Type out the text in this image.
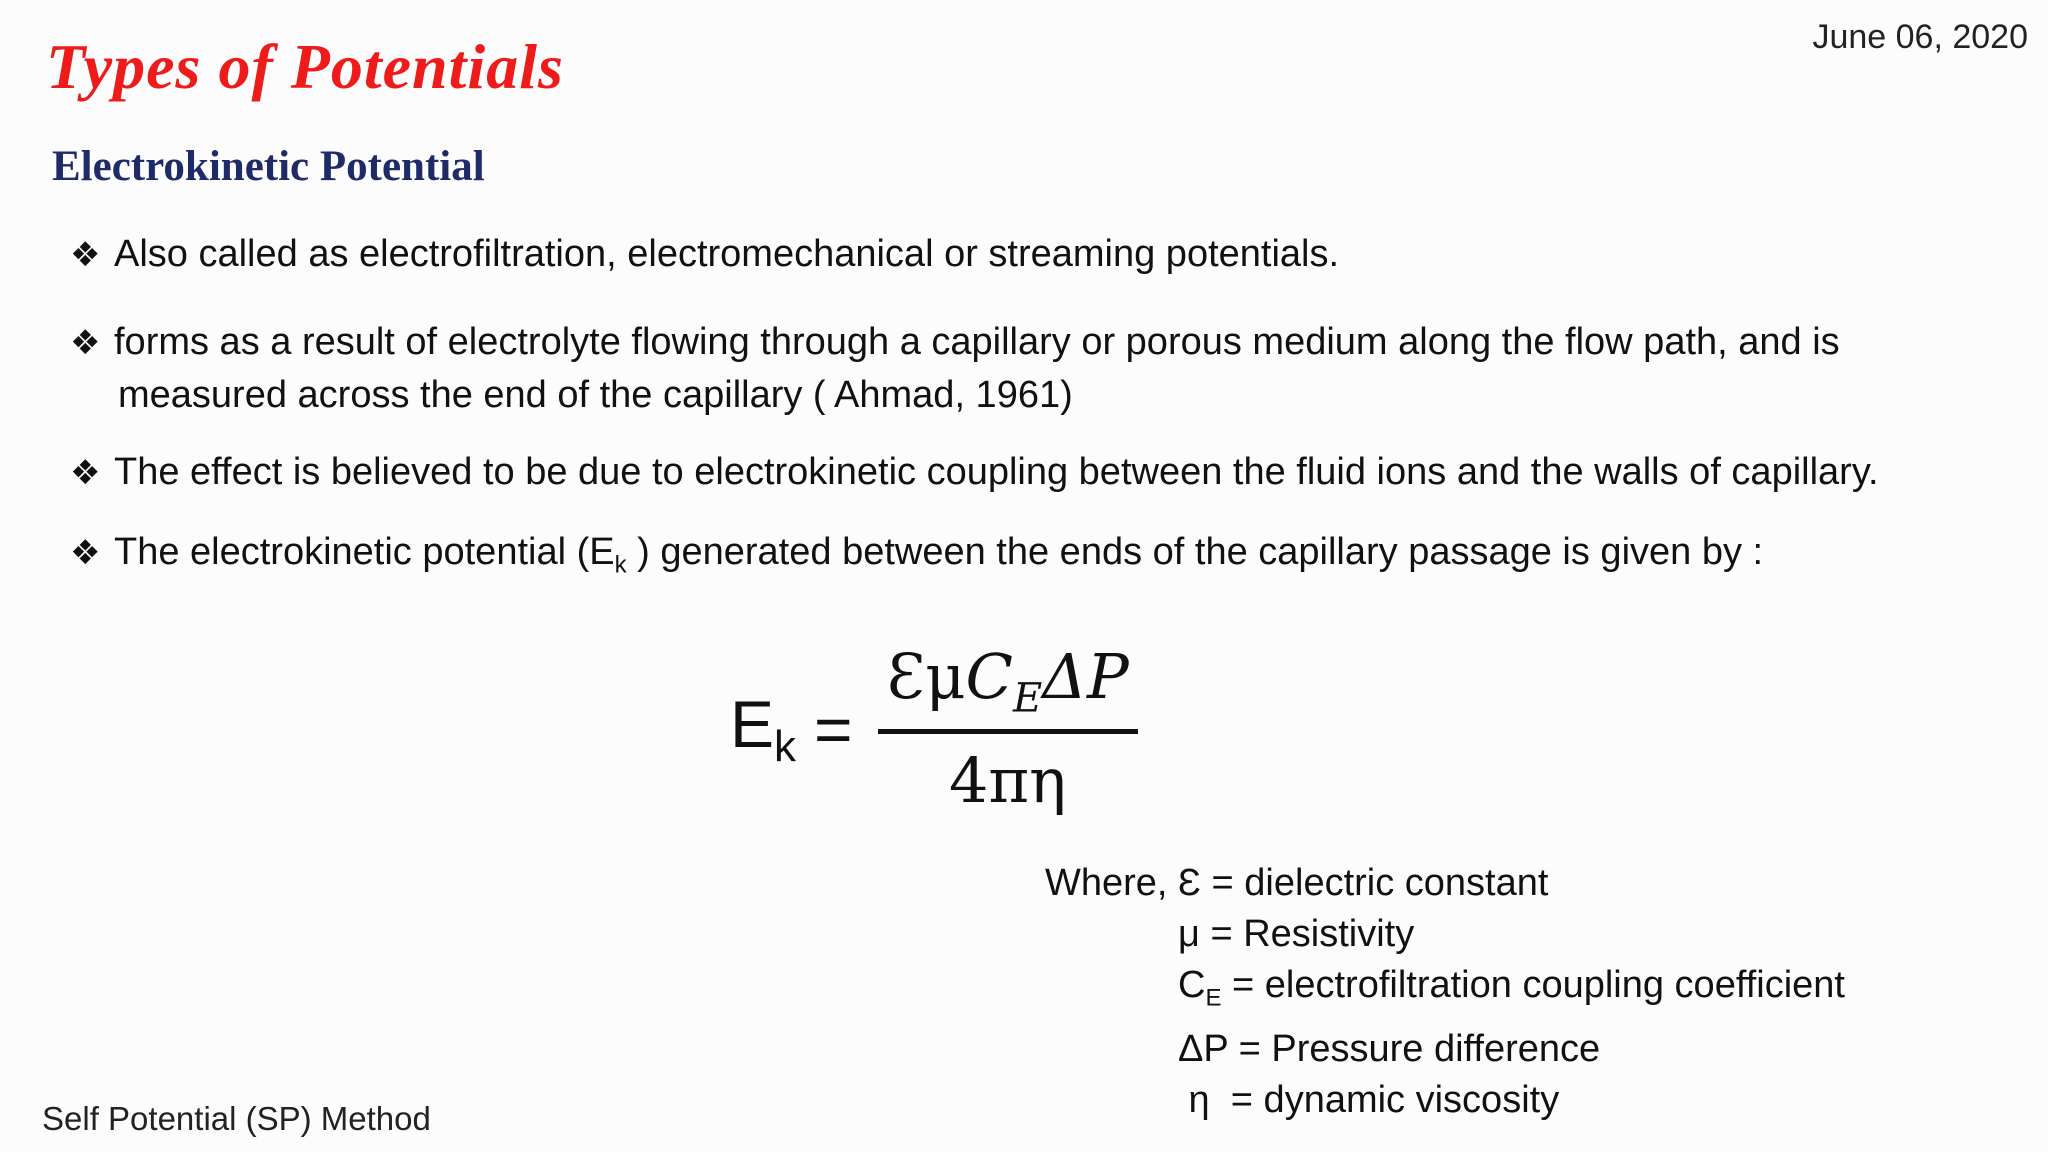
June 06, 2020
Types of Potentials
Electrokinetic Potential
❖ Also called as electrofiltration, electromechanical or streaming potentials.
❖ forms as a result of electrolyte flowing through a capillary or porous medium along the flow path, and is
measured across the end of the capillary ( Ahmad, 1961)
❖ The effect is believed to be due to electrokinetic coupling between the fluid ions and the walls of capillary.
❖ The electrokinetic potential ($E_k$ ) generated between the ends of the capillary passage is given by :
$E_k$ =
ƐμC$_E$ΔP
4πη
Where, Ɛ = dielectric constant
μ = Resistivity
$C_E$ = electrofiltration coupling coefficient
ΔP = Pressure difference
η  = dynamic viscosity
Self Potential (SP) Method
